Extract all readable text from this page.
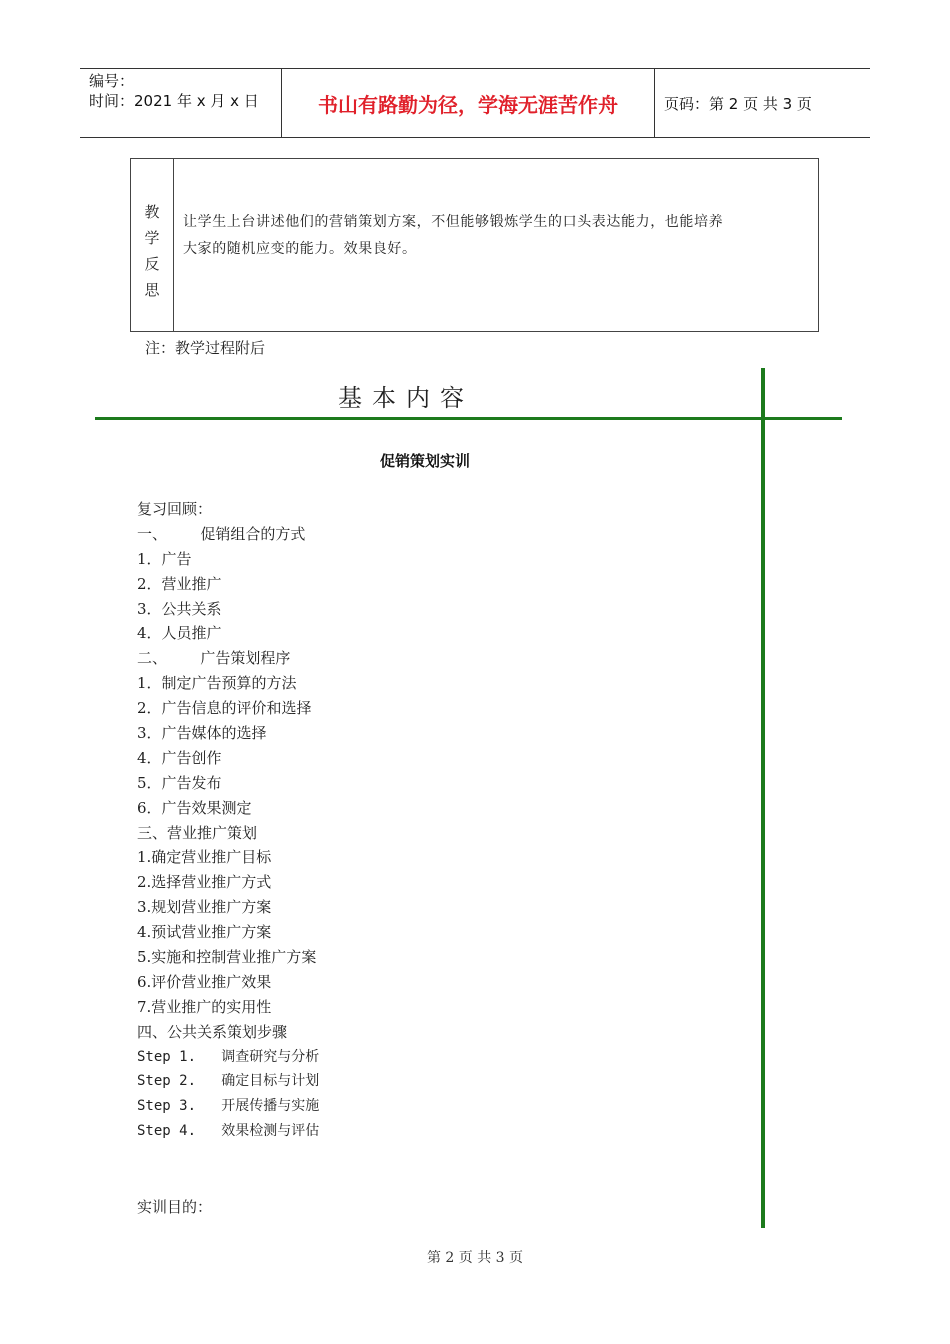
编号：
时间：2021 年 x 月 x 日	书山有路勤为径，学海无涯苦作舟	页码：第 2 页 共 3 页
教
学
反
思
让学生上台讲述他们的营销策划方案，不但能够锻炼学生的口头表达能力，也能培养
大家的随机应变的能力。效果良好。
注：教学过程附后
基本内容
促销策划实训
复习回顾：
一、       促销组合的方式
1．广告
2．营业推广
3．公共关系
4．人员推广
二、       广告策划程序
1．制定广告预算的方法
2．广告信息的评价和选择
3．广告媒体的选择
4．广告创作
5．广告发布
6．广告效果测定
三、营业推广策划
1.确定营业推广目标
2.选择营业推广方式
3.规划营业推广方案
4.预试营业推广方案
5.实施和控制营业推广方案
6.评价营业推广效果
7.营业推广的实用性
四、公共关系策划步骤
Step 1.   调查研究与分析
Step 2.   确定目标与计划
Step 3.   开展传播与实施
Step 4.   效果检测与评估
实训目的：
第 2 页 共 3 页
